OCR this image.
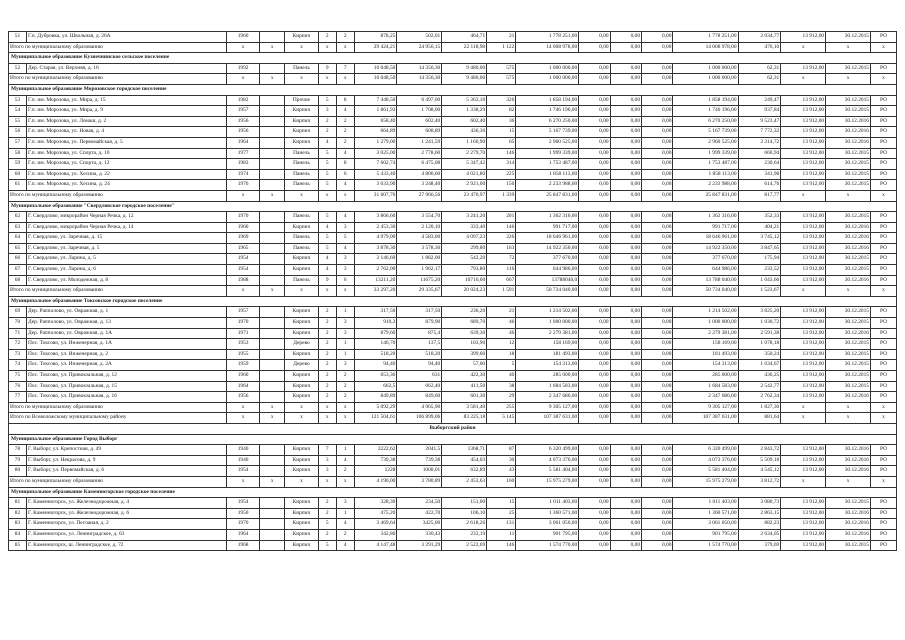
51	Г.п. Дубровка, ул. Школьная, д. 26А	1960		Кирпич	2	2	878,25	502,01	464,71	21	1 778 251,00	0,00	0,00	0,00	1 778 251,00	2 034,77	13 912,00	30.12.2015	РО
Итого по муниципальному образованию		x	x	x	x	x	29 424,21	24 956,15	22 118,98	1 122	14 008 978,00	0,00	0,00	0,00	14 008 978,00	476,10	x	x	x
Муниципальное образование Кузнечнинское сельское поселение																			
52	Дер. Старая, ул. Верхняя, д. 16	1992		Панель	9	7	16 048,50	14 356,30	9 480,00	575	1 000 000,00	0,00	0,00	0,00	1 000 000,00	62,31	13 912,00	30.12.2015	РО
Итого по муниципальному образованию		x	x	x	x	x	16 048,50	14 356,30	9 480,00	575	1 000 000,00	0,00	0,00	0,00	1 000 000,00	62,31	x	x	x
Муниципальное образование Морозовское городское поселение																			
53	Г.п. им. Морозова, ул. Мира, д. 15	1982		Прочие	5	8	7 448,50	6 497,00	5 363,10	326	1 858 194,00	0,00	0,00	0,00	1 858 194,00	249,47	13 912,00	30.12.2015	РО
54	Г.п. им. Морозова, ул. Мира, д. 9	1957		Кирпич	3	4	1 861,93	1 708,00	1 338,29	82	1 746 196,00	0,00	0,00	0,00	1 746 196,00	937,84	13 912,00	30.12.2015	РО
55	Г.п. им. Морозова, ул. Ломаш, д. 2	1956		Кирпич	2	2	658,40	602,40	602,40	36	6 270 250,00	0,00	0,00	0,00	6 270 250,00	9 523,47	13 912,00	30.12.2016	РО
56	Г.п. им. Морозова, ул. Новая, д. 4	1956		Кирпич	2	2	664,89	608,89	436,36	15	5 167 739,00	0,00	0,00	0,00	5 167 739,00	7 772,32	13 912,00	30.12.2016	РО
57	Г.п. им. Морозова, ул. Первомайская, д. 5	1964		Кирпич	4	2	1 279,00	1 241,59	1 160,90	65	2 960 525,00	0,00	0,00	0,00	2 960 525,00	2 314,72	13 912,00	30.12.2016	РО
58	Г.п. им. Морозова, ул. Спорта, д. 10	1977		Панель	5	4	3 025,00	2 778,60	2 279,70	146	1 999 339,00	0,00	0,00	0,00	1 999 339,00	660,94	13 912,00	30.12.2015	РО
59	Г.п. им. Морозова, ул. Спорта, д. 12	1983		Панель	5	8	7 602,74	6 475,08	5 347,42	314	1 753 487,00	0,00	0,00	0,00	1 753 487,00	230,64	13 912,00	30.12.2015	РО
60	Г.п. им. Морозова, ул. Хесина, д. 22	1974		Панель	5	6	5 433,40	4 806,60	4 021,80	225	1 858 113,00	0,00	0,00	0,00	1 858 113,00	341,98	13 912,00	30.12.2015	РО
61	Г.п. им. Морозова, ул. Хесина, д. 24	1976		Панель	5	4	3 633,90	3 248,40	2 921,00	150	2 233 988,00	0,00	0,00	0,00	2 233 988,00	614,76	13 912,00	30.12.2015	РО
Итого по муниципальному образованию		x	x	x	x	x	31 607,76	27 966,56	23 470,97	1 339	25 847 831,00	0,00	0,00	0,00	25 847 831,00	817,77	x	x	x
Муниципальное образование "Свердловское городское поселение"																			
62	Г. Свердлово, микрорайон Черная Речка, д. 12	1970		Панель	5	4	3 866,60	3 554,70	3 241,20	201	1 362 316,00	0,00	0,00	0,00	1 362 316,00	352,33	13 912,00	30.12.2015	РО
63	Г. Свердлово, микрорайон Черная Речка, д. 14	1960		Кирпич	4	3	2 453,30	2 120,10	333,40	146	991 717,00	0,00	0,00	0,00	991 717,00	404,21	13 912,00	30.12.2016	РО
64	Г. Свердлово, ул. Заречная, д. 15	1969		Панель	5	5	4 979,00	4 583,00	4 097,23	226	18 646 961,00	0,00	0,00	0,00	18 646 961,00	3 745,12	13 912,00	30.12.2016	РО
65	Г. Свердлово, ул. Заречная, д. 5	1965		Панель	5	4	3 878,30	3 578,30	299,80	163	14 922 350,00	0,00	0,00	0,00	14 922 350,00	3 847,65	13 912,00	30.12.2016	РО
66	Г. Свердлово, ул. Ларина, д. 5	1954		Кирпич	4	3	2 146,60	1 882,00	542,20	72	377 670,00	0,00	0,00	0,00	377 670,00	175,94	13 912,00	30.12.2015	РО
67	Г. Свердлово, ул. Ларина, д. 6	1954		Кирпич	4	3	2 762,00	1 962,17	793,80	116	644 986,00	0,00	0,00	0,00	644 986,00	233,52	13 912,00	30.12.2015	РО
68	Г. Свердлово, ул. Молодежная, д. 8	1988		Панель	9	6	13211,20	11675,20	10716,60	667	13788040,0	0,00	0,00	0,00	13 788 040,00	1 043,66	13 912,00	30.12.2016	РО
Итого по муниципальному образованию		x	x	x	x	x	33 297,20	29 335,67	20 024,23	1 591	50 734 040,00	0,00	0,00	0,00	50 734 040,00	1 523,67	x	x	x
Муниципальное образование Токсовское городское поселение																			
69	Дер. Рапполово, ул. Овражная, д. 1	1957		Кирпич	2	1	317,50	317,50	236,20	21	1 214 502,00	0,00	0,00	0,00	1 214 502,00	3 825,20	13 912,00	30.12.2015	РО
70	Дер. Рапполово, ул. Овражная, д. 13	1970		Кирпич	2	3	910,2	879,90	689,70	46	1 000 000,00	0,00	0,00	0,00	1 000 000,00	1 030,72	13 912,00	30.12.2015	РО
71	Дер. Рапполово, ул. Овражная, д. 1А	1971		Кирпич	2	3	879,60	875,4	639,30	46	2 279 381,00	0,00	0,00	0,00	2 279 381,00	2 591,38	13 912,00	30.12.2016	РО
72	Пос. Токсово, ул. Инженерная, д. 1А	1953		Дерево	2	1	146,70	137,5	103,90	12	158 169,00	0,00	0,00	0,00	158 169,00	1 078,18	13 912,00	30.12.2015	РО
73	Пос. Токсово, ул. Инженерная, д. 2	1955		Кирпич	2	1	518,20	518,20	399,60	18	181 493,00	0,00	0,00	0,00	181 493,00	350,24	13 912,00	30.12.2015	РО
74	Пос. Токсово, ул. Инженерная, д. 2А	1959		Дерево	2	3	94,40	94,40	57,60	5	154 313,00	0,00	0,00	0,00	154 313,00	1 634,67	13 912,00	30.12.2015	РО
75	Пос. Токсово, ул. Привокзальная, д. 12	1960		Кирпич	2	2	653,30	631	422,30	40	285 000,00	0,00	0,00	0,00	285 000,00	436,25	13 912,00	30.12.2015	РО
76	Пос. Токсово, ул. Привокзальная, д. 15	1964		Кирпич	2	2	662,5	662,40	411,50	38	1 684 583,00	0,00	0,00	0,00	1 684 583,00	2 542,77	13 912,00	30.12.2015	РО
77	Пос. Токсово, ул. Привокзальная, д. 16	1956		Кирпич	2	2	849,89	849,60	601,30	29	2 347 686,00	0,00	0,00	0,00	2 347 686,00	2 762,34	13 912,00	30.12.2016	РО
Итого по муниципальному образованию		x	x	x	x	x	5 092,29	4 965,90	3 581,40	255	9 305 127,00	0,00	0,00	0,00	9 305 127,00	1 827,30	x	x	x
Итого по Всеволожскому муниципальному району		x	x	x	x	x	121 504,61	106 899,06	83 225,18	5 145	107 387 631,00	0,00	0,00	0,00	107 387 631,00	881,64	x	x	x
Выборгский район																			
Муниципальное образование Город Выборг																			
78	Г. Выборг, ул. Крепостная, д. 49	1940		Кирпич	7	1	2222,62	2041,5	1368,71	87	6 320 499,00	0,00	0,00	0,00	6 320 499,00	2 843,72	13 912,00	30.12.2016	РО
79	Г. Выборг, ул. Некрасова, д. 9	1940		Кирпич	3	4	739,38	739,38	454,03	30	4 073 376,00	0,00	0,00	0,00	4 073 376,00	5 509,18	13 912,00	30.12.2016	РО
80	Г. Выборг, ул. Первомайская, д. 6	1954		Кирпич	3	2	1228	1000,01	632,89	43	5 581 404,00	0,00	0,00	0,00	5 581 404,00	4 545,12	13 912,00	30.12.2016	РО
Итого по муниципальному образованию		x	x	x	x	x	4 190,00	3 780,89	2 453,63	160	15 975 279,00	0,00	0,00	0,00	15 975 279,00	3 812,72	x	x	x
Муниципальное образование Каменногорское городское поселение																			
81	Г. Каменногорск, ул. Железнодорожная, д. 4	1954		Кирпич	2	3	328,30	234,50	151,00	15	1 011 403,00	0,00	0,00	0,00	1 011 403,00	3 080,73	13 912,00	30.12.2015	РО
82	Г. Каменногорск, ул. Железнодорожная, д. 6	1950		Кирпич	2	1	475,20	422,70	106,10	25	1 360 571,00	0,00	0,00	0,00	1 360 571,00	2 863,15	13 912,00	30.12.2016	РО
83	Г. Каменногорск, ул. Песчаная, д. 2	1970		Кирпич	5	4	3 469,64	3425,00	2 618,26	131	3 061 050,00	0,00	0,00	0,00	3 061 050,00	882,23	13 912,00	30.12.2016	РО
84	Г. Каменногорск, ул. Ленинградское, д. 63	1964		Кирпич	2	2	342,86	330,43	233,19	11	901 795,00	0,00	0,00	0,00	901 795,00	2 634,05	13 912,00	30.12.2016	РО
85	Г. Каменногорск, ш. Ленинградское, д. 72	1968		Кирпич	5	4	4 147,48	3 291,29	2 522,69	146	1 574 770,00	0,00	0,00	0,00	1 574 770,00	379,69	13 912,00	30.12.2015	РО
